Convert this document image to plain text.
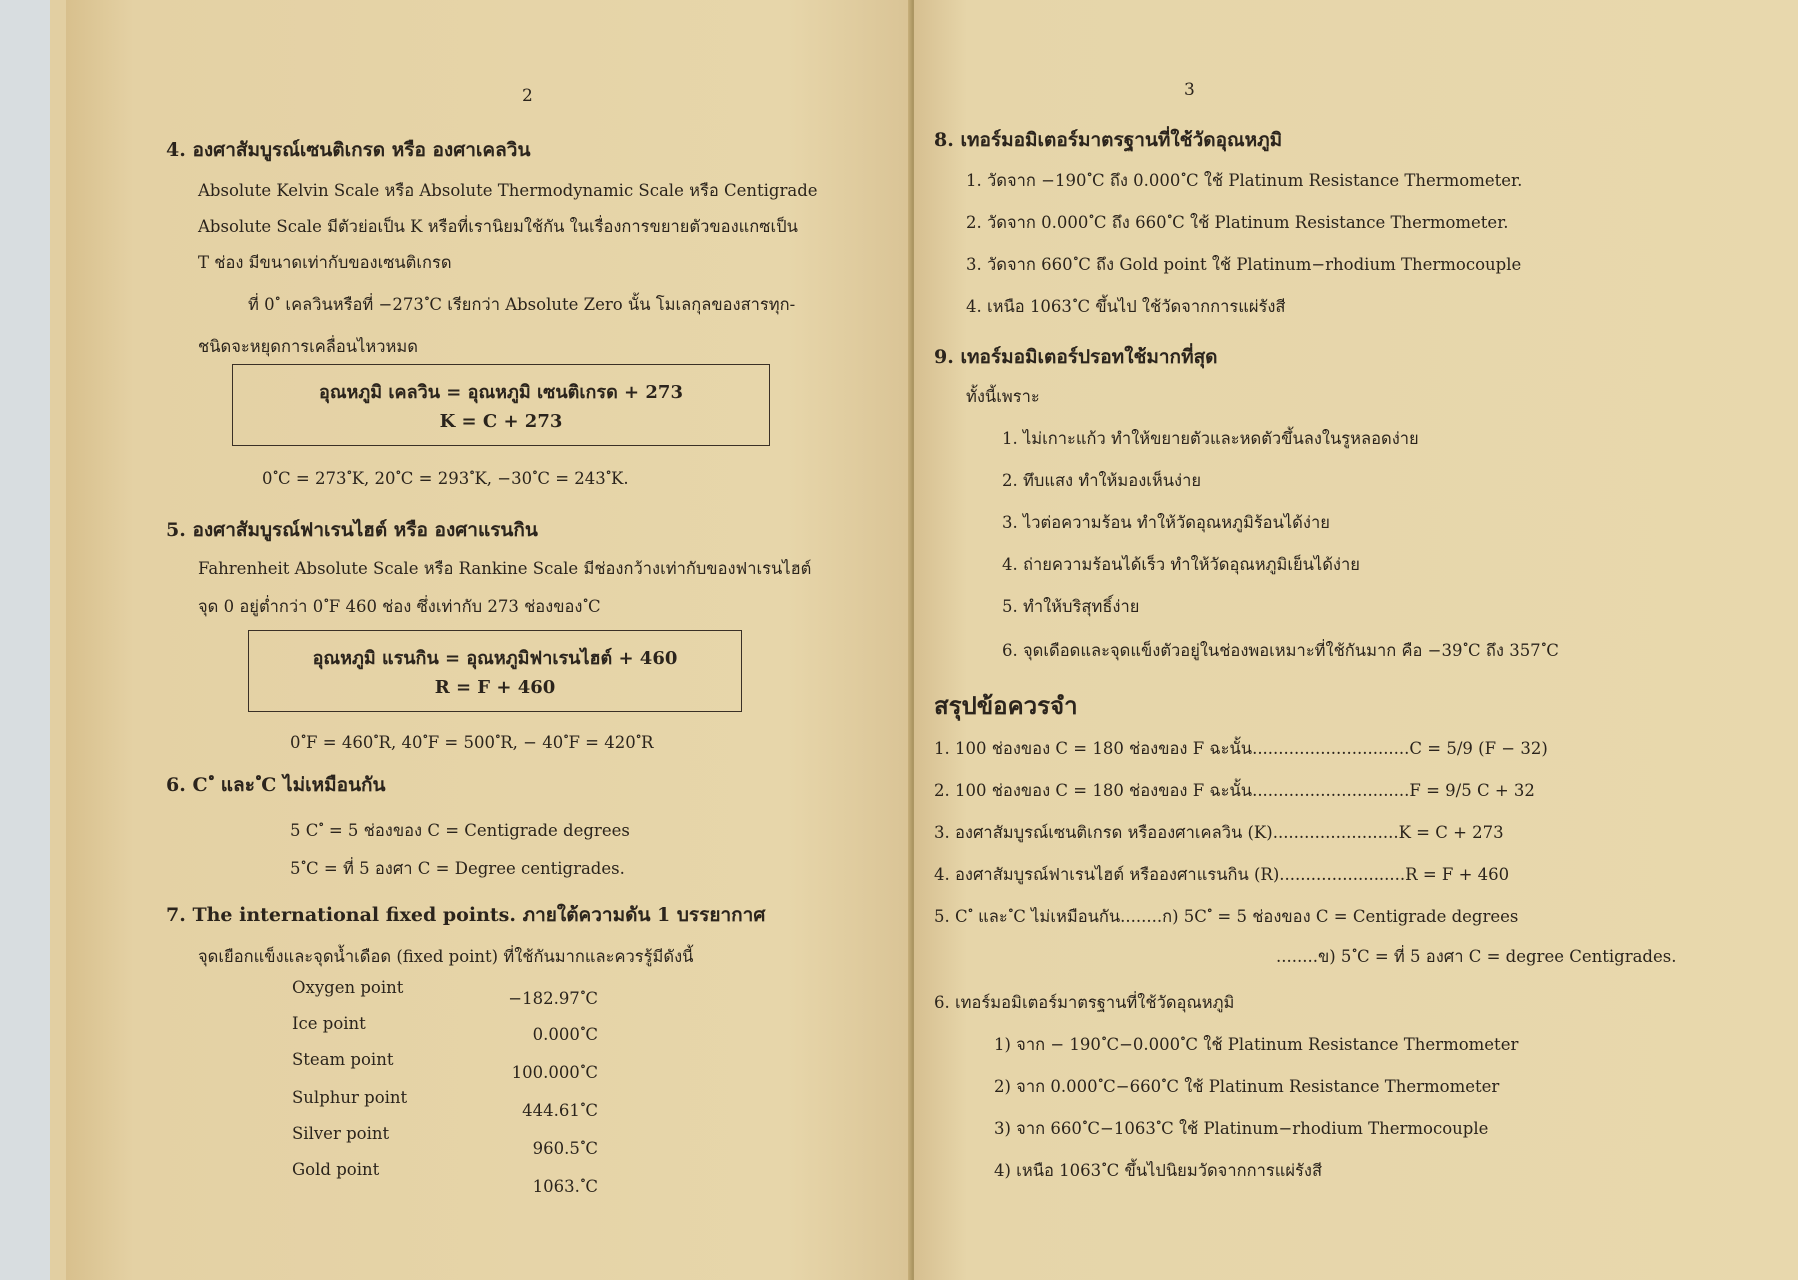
2
4. องศาสัมบูรณ์เซนติเกรด หรือ องศาเคลวิน
Absolute Kelvin Scale หรือ Absolute Thermodynamic Scale หรือ Centigrade
Absolute Scale มีตัวย่อเป็น K หรือที่เรานิยมใช้กัน ในเรื่องการขยายตัวของแกซเป็น
T ช่อง มีขนาดเท่ากับของเซนติเกรด
ที่ 0 ํ เคลวินหรือที่ −273 ํC เรียกว่า Absolute Zero นั้น โมเลกุลของสารทุก-
ชนิดจะหยุดการเคลื่อนไหวหมด
อุณหภูมิ เคลวิน = อุณหภูมิ เซนติเกรด + 273
K = C + 273
0 ํC = 273 ํK, 20 ํC = 293 ํK, −30 ํC = 243 ํK.
5. องศาสัมบูรณ์ฟาเรนไฮต์ หรือ องศาแรนกิน
Fahrenheit Absolute Scale หรือ Rankine Scale มีช่องกว้างเท่ากับของฟาเรนไฮต์
จุด 0 อยู่ต่ำกว่า 0 ํF 460 ช่อง ซึ่งเท่ากับ 273 ช่องของ ํC
อุณหภูมิ แรนกิน = อุณหภูมิฟาเรนไฮต์ + 460
R = F + 460
0 ํF = 460 ํR, 40 ํF = 500 ํR, − 40 ํF = 420 ํR
6. C ํ และ ํC ไม่เหมือนกัน
5 C ํ = 5 ช่องของ C = Centigrade degrees
5 ํC = ที่ 5 องศา C = Degree centigrades.
7. The international fixed points. ภายใต้ความดัน 1 บรรยากาศ
จุดเยือกแข็งและจุดน้ำเดือด (fixed point) ที่ใช้กันมากและควรรู้มีดังนี้
Oxygen point
−182.97 ํC
Ice point
0.000 ํC
Steam point
100.000 ํC
Sulphur point
444.61 ํC
Silver point
960.5 ํC
Gold point
1063. ํC
3
8. เทอร์มอมิเตอร์มาตรฐานที่ใช้วัดอุณหภูมิ
1. วัดจาก −190 ํC ถึง 0.000 ํC ใช้ Platinum Resistance Thermometer.
2. วัดจาก 0.000 ํC ถึง 660 ํC ใช้ Platinum Resistance Thermometer.
3. วัดจาก 660 ํC ถึง Gold point ใช้ Platinum−rhodium Thermocouple
4. เหนือ 1063 ํC ขึ้นไป ใช้วัดจากการแผ่รังสี
9. เทอร์มอมิเตอร์ปรอทใช้มากที่สุด
ทั้งนี้เพราะ
1. ไม่เกาะแก้ว ทำให้ขยายตัวและหดตัวขึ้นลงในรูหลอดง่าย
2. ทึบแสง ทำให้มองเห็นง่าย
3. ไวต่อความร้อน ทำให้วัดอุณหภูมิร้อนได้ง่าย
4. ถ่ายความร้อนได้เร็ว ทำให้วัดอุณหภูมิเย็นได้ง่าย
5. ทำให้บริสุทธิ์ง่าย
6. จุดเดือดและจุดแข็งตัวอยู่ในช่องพอเหมาะที่ใช้กันมาก คือ −39 ํC ถึง 357 ํC
สรุปข้อควรจำ
1. 100 ช่องของ C = 180 ช่องของ F ฉะนั้น..............................C = 5/9 (F − 32)
2. 100 ช่องของ C = 180 ช่องของ F ฉะนั้น..............................F = 9/5 C + 32
3. องศาสัมบูรณ์เซนติเกรด หรือองศาเคลวิน (K)........................K = C + 273
4. องศาสัมบูรณ์ฟาเรนไฮต์ หรือองศาแรนกิน (R)........................R = F + 460
5. C ํ และ ํC ไม่เหมือนกัน........ก) 5C ํ = 5 ช่องของ C = Centigrade degrees
........ข) 5 ํC = ที่ 5 องศา C = degree Centigrades.
6. เทอร์มอมิเตอร์มาตรฐานที่ใช้วัดอุณหภูมิ
1) จาก − 190 ํC−0.000 ํC ใช้ Platinum Resistance Thermometer
2) จาก 0.000 ํC−660 ํC ใช้ Platinum Resistance Thermometer
3) จาก 660 ํC−1063 ํC ใช้ Platinum−rhodium Thermocouple
4) เหนือ 1063 ํC ขึ้นไปนิยมวัดจากการแผ่รังสี
